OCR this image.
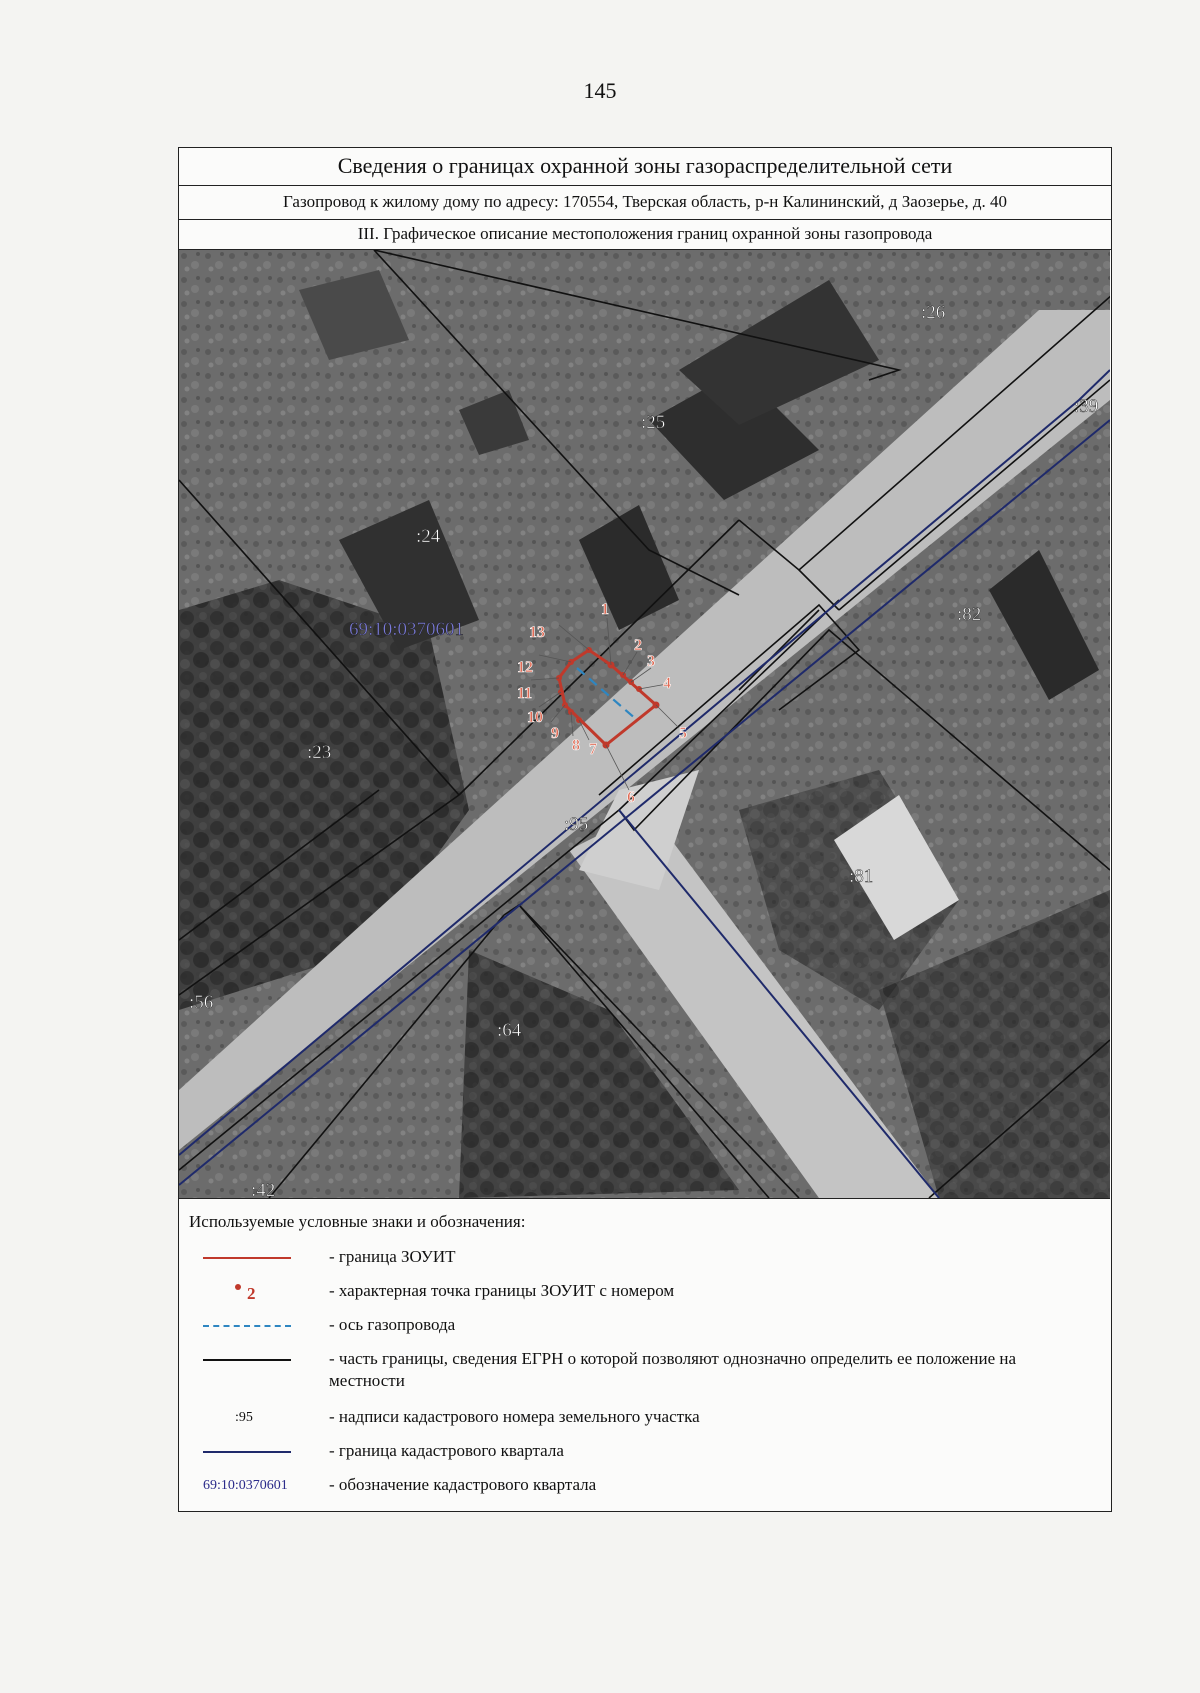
145
Сведения о границах охранной зоны газораспределительной сети
Газопровод к жилому дому по адресу: 170554, Тверская область, р-н Калининский, д Заозерье, д. 40
III. Графическое описание местоположения границ охранной зоны газопровода
1
2
3
4
5
6
7
8
9
10
11
12
13
:26
:25
:39
:24
:82
:23
:95
:81
:56
:64
:42
69:10:0370601
Используемые условные знаки и обозначения:
- граница ЗОУИТ
2	- характерная точка границы ЗОУИТ с номером
- ось газопровода
- часть границы, сведения ЕГРН о которой позволяют однозначно определить ее положение на местности
:95	- надписи кадастрового номера земельного участка
- граница кадастрового квартала
69:10:0370601 - обозначение кадастрового квартала
